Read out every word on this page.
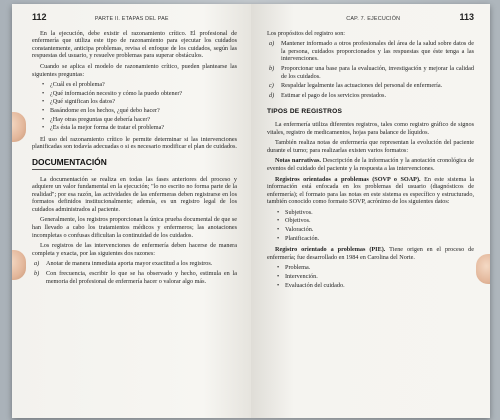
112	PARTE II. ETAPAS DEL PAE

En la ejecución, debe existir el razonamiento crítico. El profesional de enfermería que utiliza este tipo de razonamiento para ejecutar los cuidados constantemente, anticipa problemas, revisa el enfoque de los cuidados, según las respuestas del usuario, y resuelve problemas para superar obstáculos.

Cuando se aplica el modelo de razonamiento crítico, pueden plantearse las siguientes preguntas:

• ¿Cuál es el problema?
• ¿Qué información necesito y cómo la puedo obtener?
• ¿Qué significan los datos?
• Basándome en los hechos, ¿qué debo hacer?
• ¿Hay otras preguntas que debería hacer?
• ¿Es ésta la mejor forma de tratar el problema?

El uso del razonamiento crítico le permite determinar si las intervenciones planificadas son todavía adecuadas o si es necesario modificar el plan de cuidados.

DOCUMENTACIÓN

La documentación se realiza en todas las fases anteriores del proceso y adquiere un valor fundamental en la ejecución; "lo no escrito no forma parte de la realidad"; por esa razón, las actividades de las enfermeras deben registrarse en los formatos definidos institucionalmente; además, es un registro legal de los cuidados administrados al paciente.

Generalmente, los registros proporcionan la única prueba documental de que se han llevado a cabo los tratamientos médicos y enfermeros; las anotaciones incompletas o confusas dificultan la continuidad de los cuidados.

Los registros de las intervenciones de enfermería deben hacerse de manera completa y exacta, por las siguientes dos razones:

a) Anotar de manera inmediata aporta mayor exactitud a los registros.
b) Con frecuencia, escribir lo que se ha observado y hecho, estimula en la memoria del profesional de enfermería hacer o valorar algo más.
CAP. 7. EJECUCIÓN	113

Los propósitos del registro son:

a) Mantener informado a otros profesionales del área de la salud sobre datos de la persona, cuidados proporcionados y las respuestas que éste tenga a las intervenciones.
b) Proporcionar una base para la evaluación, investigación y mejorar la calidad de los cuidados.
c) Respaldar legalmente las actuaciones del personal de enfermería.
d) Estimar el pago de los servicios prestados.
TIPOS DE REGISTROS

La enfermería utiliza diferentes registros, tales como registro gráfico de signos vitales, registro de medicamentos, hojas para balance de líquidos.

También realiza notas de enfermería que representan la evolución del paciente durante el turno; para realizarlas existen varios formatos:

Notas narrativas. Descripción de la información y la anotación cronológica de eventos del cuidado del paciente y la respuesta a las intervenciones.

Registros orientados a problemas (SOVP o SOAP). En este sistema la información está enfocada en los problemas del usuario (diagnósticos de enfermería); el formato para las notas en este sistema es específico y estructurado, también conocido como formato SOVP, acrónimo de los siguientes datos:

• Subjetivos.
• Objetivos.
• Valoración.
• Planificación.

Registro orientado a problemas (PIE). Tiene origen en el proceso de enfermería; fue desarrollado en 1984 en Carolina del Norte.

• Problema.
• Intervención.
• Evaluación del cuidado.
